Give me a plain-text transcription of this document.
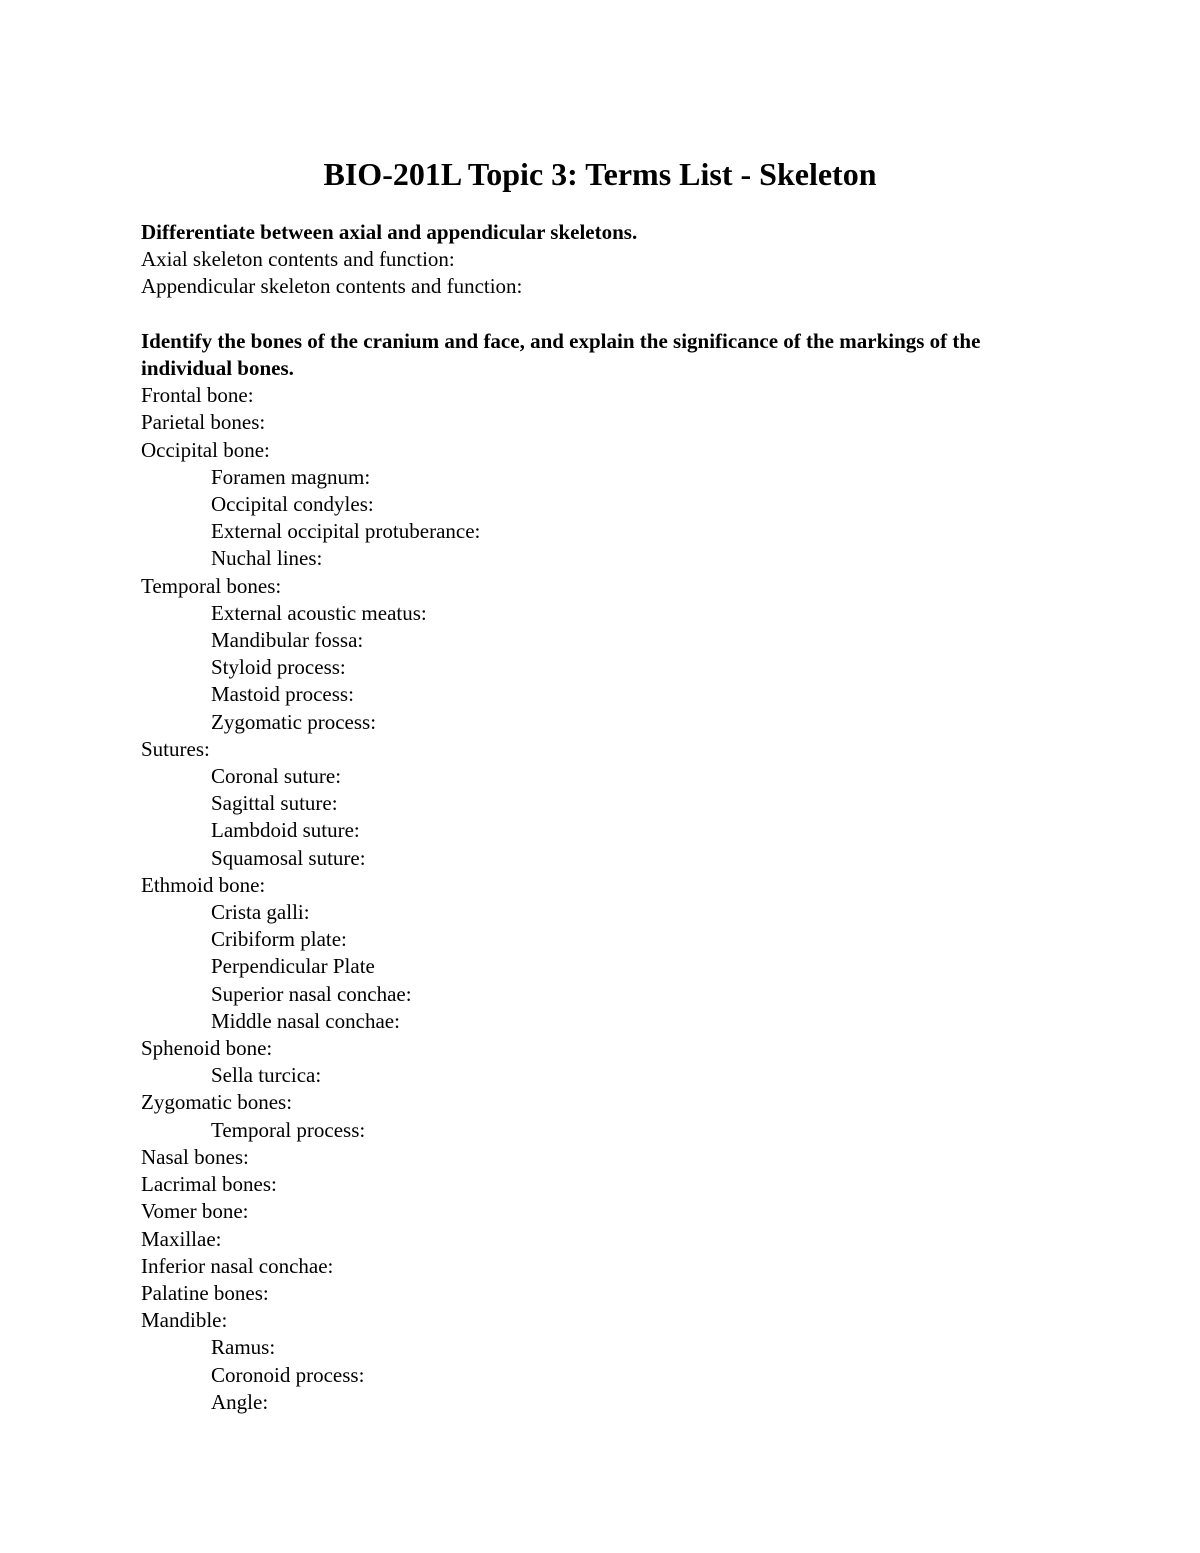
BIO-201L Topic 3: Terms List - Skeleton

Differentiate between axial and appendicular skeletons.

Axial skeleton contents and function:

Appendicular skeleton contents and function:

Identify the bones of the cranium and face, and explain the significance of the markings of the individual bones.

Frontal bone:

Parietal bones:

Occipital bone:

Foramen magnum:

Occipital condyles:

External occipital protuberance:

Nuchal lines:

Temporal bones:

External acoustic meatus:

Mandibular fossa:

Styloid process:

Mastoid process:

Zygomatic process:

Sutures:

Coronal suture:

Sagittal suture:

Lambdoid suture:

Squamosal suture:

Ethmoid bone:

Crista galli:

Cribiform plate:

Perpendicular Plate

Superior nasal conchae:

Middle nasal conchae:

Sphenoid bone:

Sella turcica:

Zygomatic bones:

Temporal process:

Nasal bones:

Lacrimal bones:

Vomer bone:

Maxillae:

Inferior nasal conchae:

Palatine bones:

Mandible:

Ramus:

Coronoid process:

Angle:
